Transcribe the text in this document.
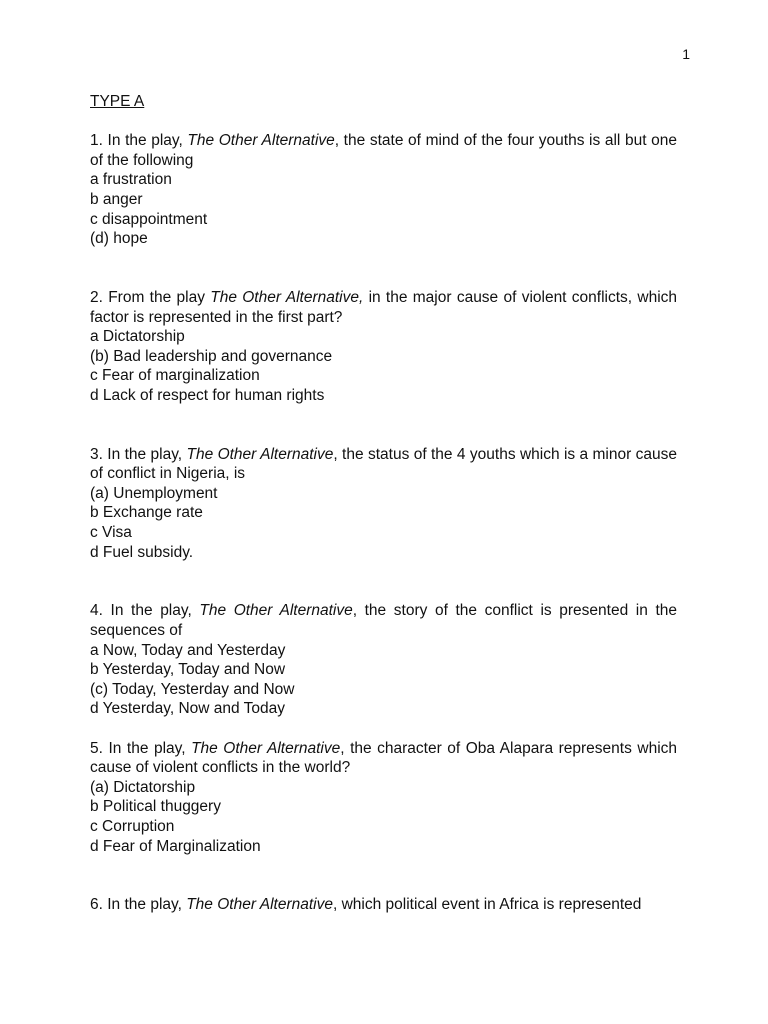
1

TYPE A

1. In the play, The Other Alternative, the state of mind of the four youths is all but one of the following

a frustration

b anger

c disappointment

(d) hope

2. From the play The Other Alternative, in the major cause of violent conflicts, which factor is represented in the first part?

a Dictatorship

(b) Bad leadership and governance

c Fear of marginalization

d Lack of respect for human rights

3. In the play, The Other Alternative, the status of the 4 youths which is a minor cause of conflict in Nigeria, is

(a) Unemployment

b Exchange rate

c Visa

d Fuel subsidy.

4. In the play, The Other Alternative, the story of the conflict is presented in the sequences of

a Now, Today and Yesterday

b Yesterday, Today and Now

(c) Today, Yesterday and Now

d Yesterday, Now and Today

5. In the play, The Other Alternative, the character of Oba Alapara represents which cause of violent conflicts in the world?

(a) Dictatorship

b Political thuggery

c Corruption

d Fear of Marginalization

6. In the play, The Other Alternative, which political event in Africa is represented
